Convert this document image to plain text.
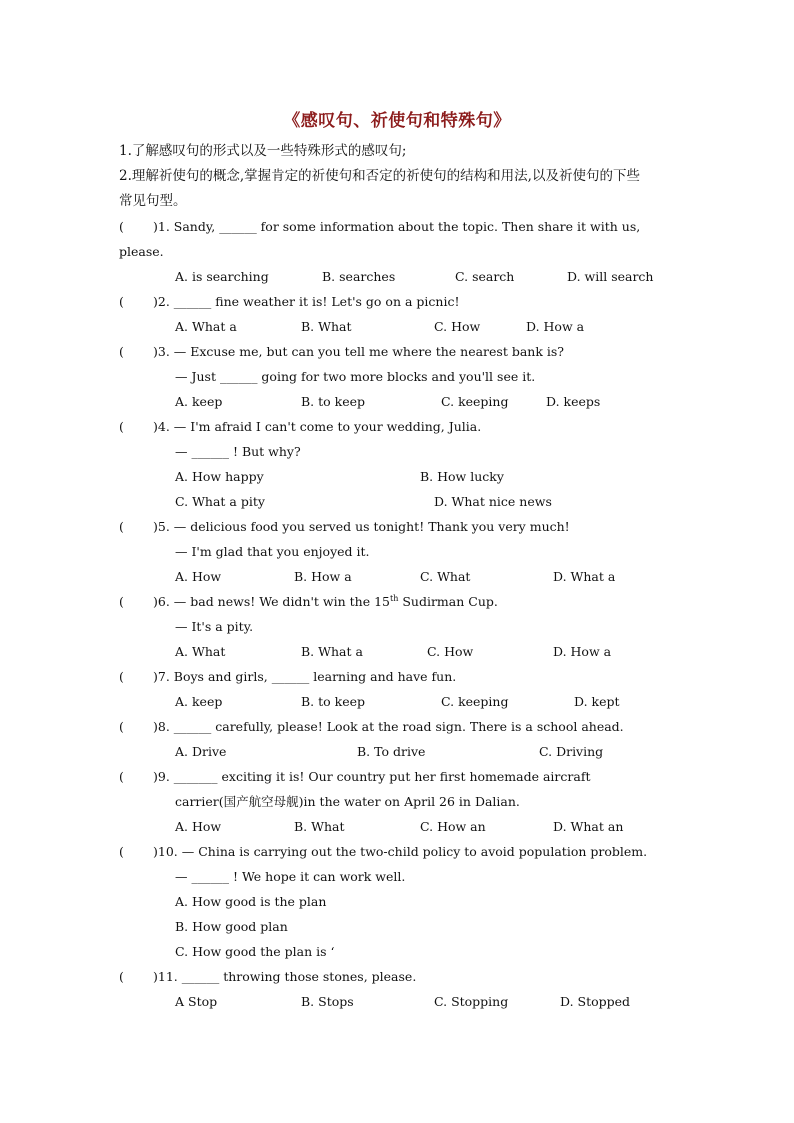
《感叹句、祈使句和特殊句》
1.了解感叹句的形式以及一些特殊形式的感叹句;
2.理解祈使句的概念,掌握肯定的祈使句和否定的祈使句的结构和用法,以及祈使句的下些
常见句型。
( )1. Sandy, ______ for some information about the topic. Then share it with us,
please.
A. is searching	B. searches	C. search	D. will search
( )2. ______ fine weather it is! Let's go on a picnic!
A. What a	B. What	C. How	D. How a
( )3. — Excuse me, but can you tell me where the nearest bank is?
— Just ______ going for two more blocks and you'll see it.
A. keep	B. to keep	C. keeping	D. keeps
( )4. — I'm afraid I can't come to your wedding, Julia.
— ______ ! But why?
A. How happy	B. How lucky
C. What a pity	D. What nice news
( )5. — delicious food you served us tonight! Thank you very much!
— I'm glad that you enjoyed it.
A. How	B. How a	C. What	D. What a
( )6. — bad news! We didn't win the 15th Sudirman Cup.
— It's a pity.
A. What	B. What a	C. How	D. How a
( )7. Boys and girls, ______ learning and have fun.
A. keep	B. to keep	C. keeping	D. kept
( )8. ______ carefully, please! Look at the road sign. There is a school ahead.
A. Drive	B. To drive	C. Driving
( )9. _______ exciting it is! Our country put her first homemade aircraft
carrier(国产航空母舰)in the water on April 26 in Dalian.
A. How	B. What	C. How an	D. What an
( )10. — China is carrying out the two-child policy to avoid population problem.
— ______ ! We hope it can work well.
A. How good is the plan
B. How good plan
C. How good the plan is ‘
( )11. ______ throwing those stones, please.
A Stop	B. Stops	C. Stopping	D. Stopped
